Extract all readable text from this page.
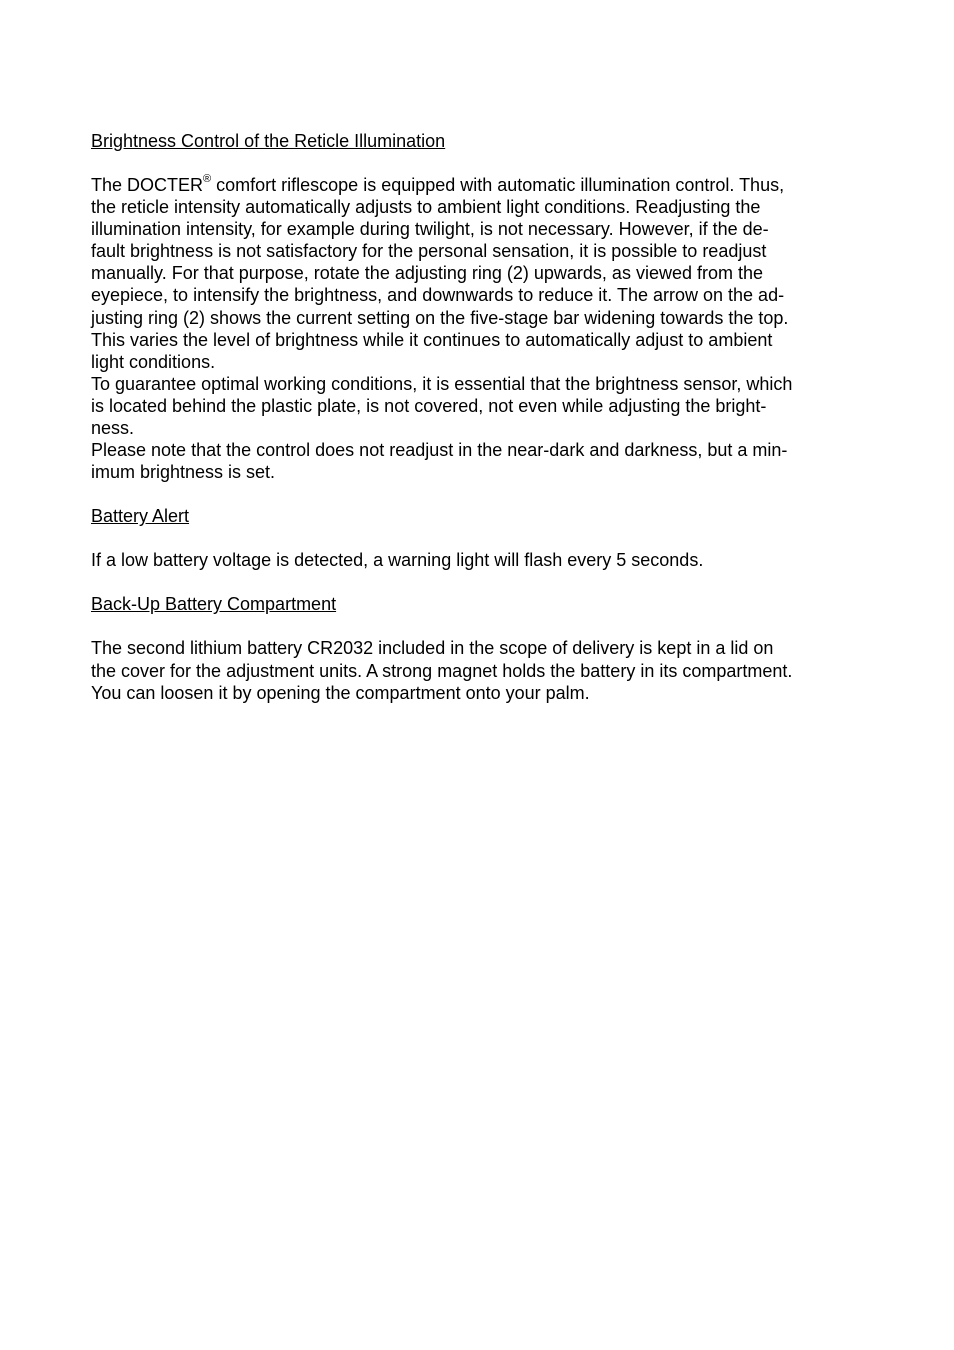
Brightness Control of the Reticle Illumination

The DOCTER® comfort riflescope is equipped with automatic illumination control. Thus,
the reticle intensity automatically adjusts to ambient light conditions. Readjusting the
illumination intensity, for example during twilight, is not necessary. However, if the de-
fault brightness is not satisfactory for the personal sensation, it is possible to readjust
manually. For that purpose, rotate the adjusting ring (2) upwards, as viewed from the
eyepiece, to intensify the brightness, and downwards to reduce it. The arrow on the ad-
justing ring (2) shows the current setting on the five-stage bar widening towards the top.
This varies the level of brightness while it continues to automatically adjust to ambient
light conditions.
To guarantee optimal working conditions, it is essential that the brightness sensor, which
is located behind the plastic plate, is not covered, not even while adjusting the bright-
ness.
Please note that the control does not readjust in the near-dark and darkness, but a min-
imum brightness is set.

Battery Alert

If a low battery voltage is detected, a warning light will flash every 5 seconds.

Back-Up Battery Compartment

The second lithium battery CR2032 included in the scope of delivery is kept in a lid on
the cover for the adjustment units. A strong magnet holds the battery in its compartment.
You can loosen it by opening the compartment onto your palm.
